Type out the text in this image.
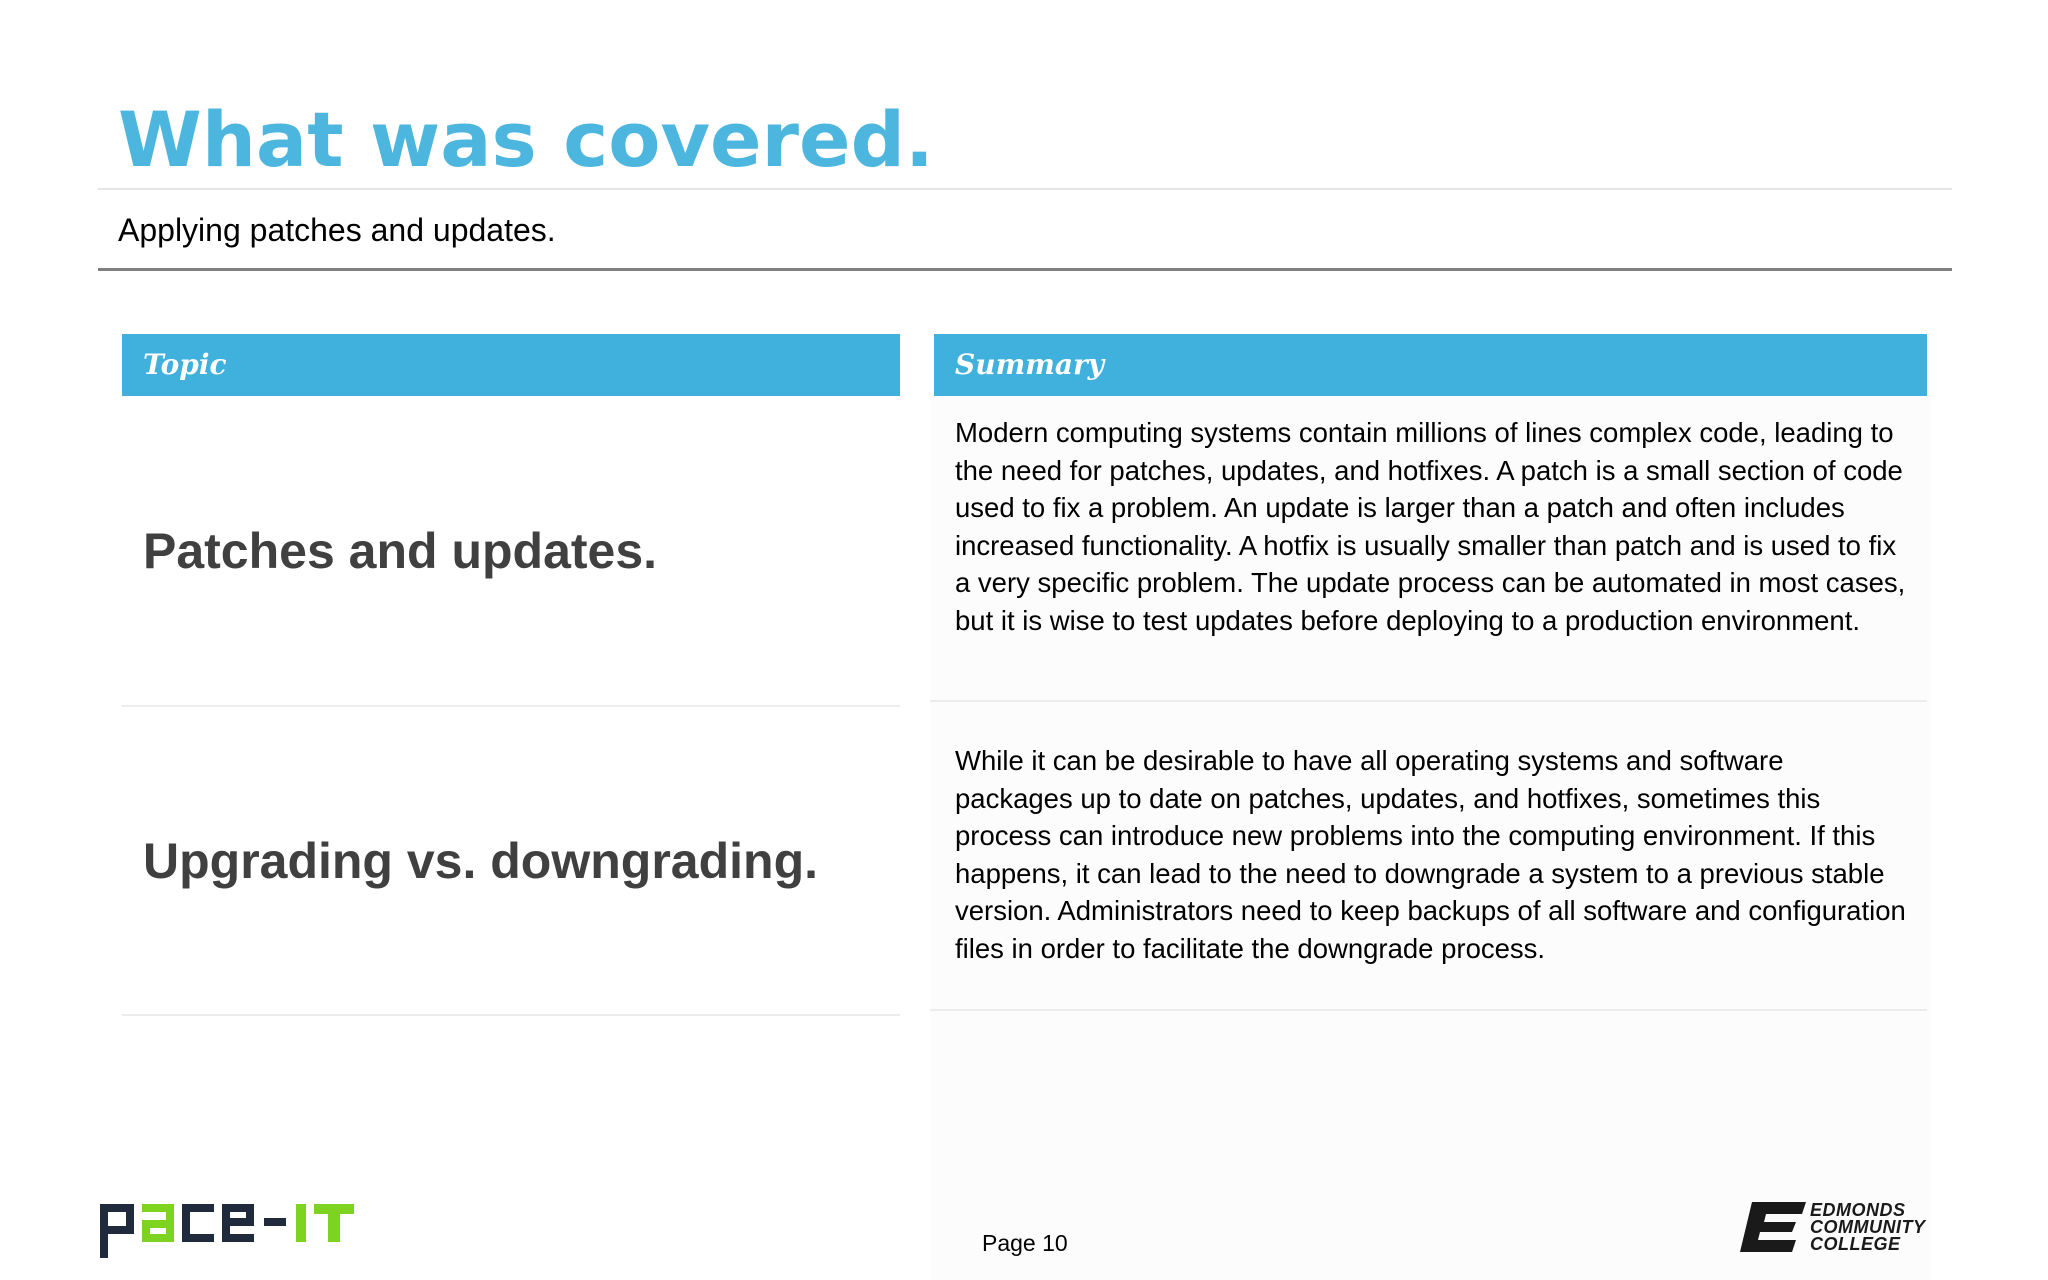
What was covered.
Applying patches and updates.
Topic	Summary
Patches and updates.
Modern computing systems contain millions of lines complex code, leading to the need for patches, updates, and hotfixes. A patch is a small section of code used to fix a problem. An update is larger than a patch and often includes increased functionality. A hotfix is usually smaller than patch and is used to fix a very specific problem. The update process can be automated in most cases, but it is wise to test updates before deploying to a production environment.
Upgrading vs. downgrading.
While it can be desirable to have all operating systems and software packages up to date on patches, updates, and hotfixes, sometimes this process can introduce new problems into the computing environment. If this happens, it can lead to the need to downgrade a system to a previous stable version. Administrators need to keep backups of all software and configuration files in order to facilitate the downgrade process.
Page 10
EDMONDS
COMMUNITY
COLLEGE
